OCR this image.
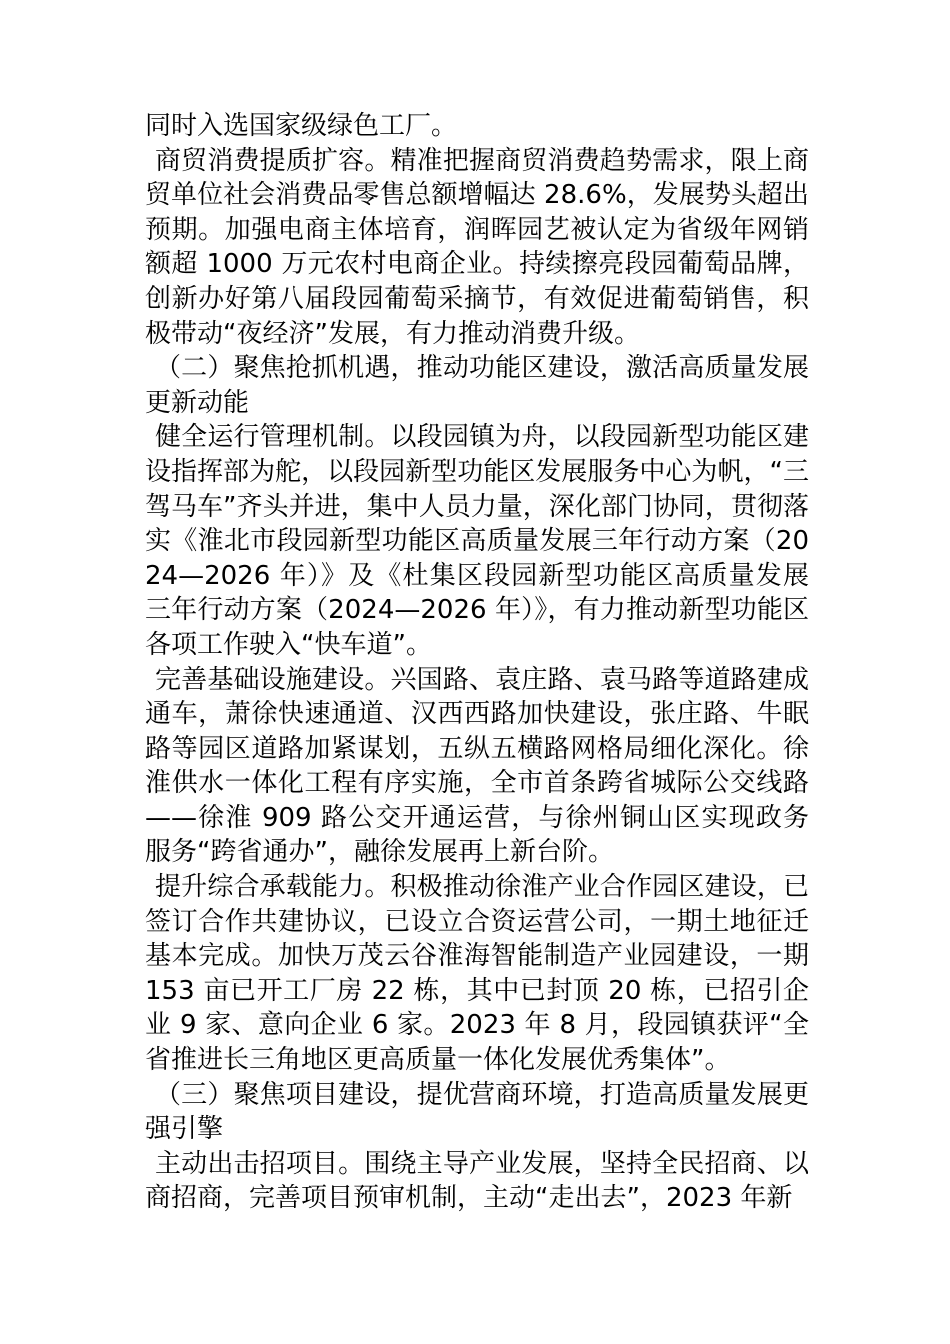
同时入选国家级绿色工厂。

商贸消费提质扩容。精准把握商贸消费趋势需求，限上商贸单位社会消费品零售总额增幅达 28.6%，发展势头超出预期。加强电商主体培育，润晖园艺被认定为省级年网销额超 1000 万元农村电商企业。持续擦亮段园葡萄品牌，创新办好第八届段园葡萄采摘节，有效促进葡萄销售，积极带动“夜经济”发展，有力推动消费升级。

（二）聚焦抢抓机遇，推动功能区建设，激活高质量发展更新动能

健全运行管理机制。以段园镇为舟，以段园新型功能区建设指挥部为舵，以段园新型功能区发展服务中心为帆，“三驾马车”齐头并进，集中人员力量，深化部门协同，贯彻落实《淮北市段园新型功能区高质量发展三年行动方案（2024—2026 年）》及《杜集区段园新型功能区高质量发展三年行动方案（2024—2026 年）》，有力推动新型功能区各项工作驶入“快车道”。

完善基础设施建设。兴国路、袁庄路、袁马路等道路建成通车，萧徐快速通道、汉西西路加快建设，张庄路、牛眠路等园区道路加紧谋划，五纵五横路网格局细化深化。徐淮供水一体化工程有序实施，全市首条跨省城际公交线路——徐淮 909 路公交开通运营，与徐州铜山区实现政务服务“跨省通办”，融徐发展再上新台阶。

提升综合承载能力。积极推动徐淮产业合作园区建设，已签订合作共建协议，已设立合资运营公司，一期土地征迁基本完成。加快万茂云谷淮海智能制造产业园建设，一期 153 亩已开工厂房 22 栋，其中已封顶 20 栋，已招引企业 9 家、意向企业 6 家。2023 年 8 月，段园镇获评“全省推进长三角地区更高质量一体化发展优秀集体”。

（三）聚焦项目建设，提优营商环境，打造高质量发展更强引擎

主动出击招项目。围绕主导产业发展，坚持全民招商、以商招商，完善项目预审机制，主动“走出去”，2023 年新
